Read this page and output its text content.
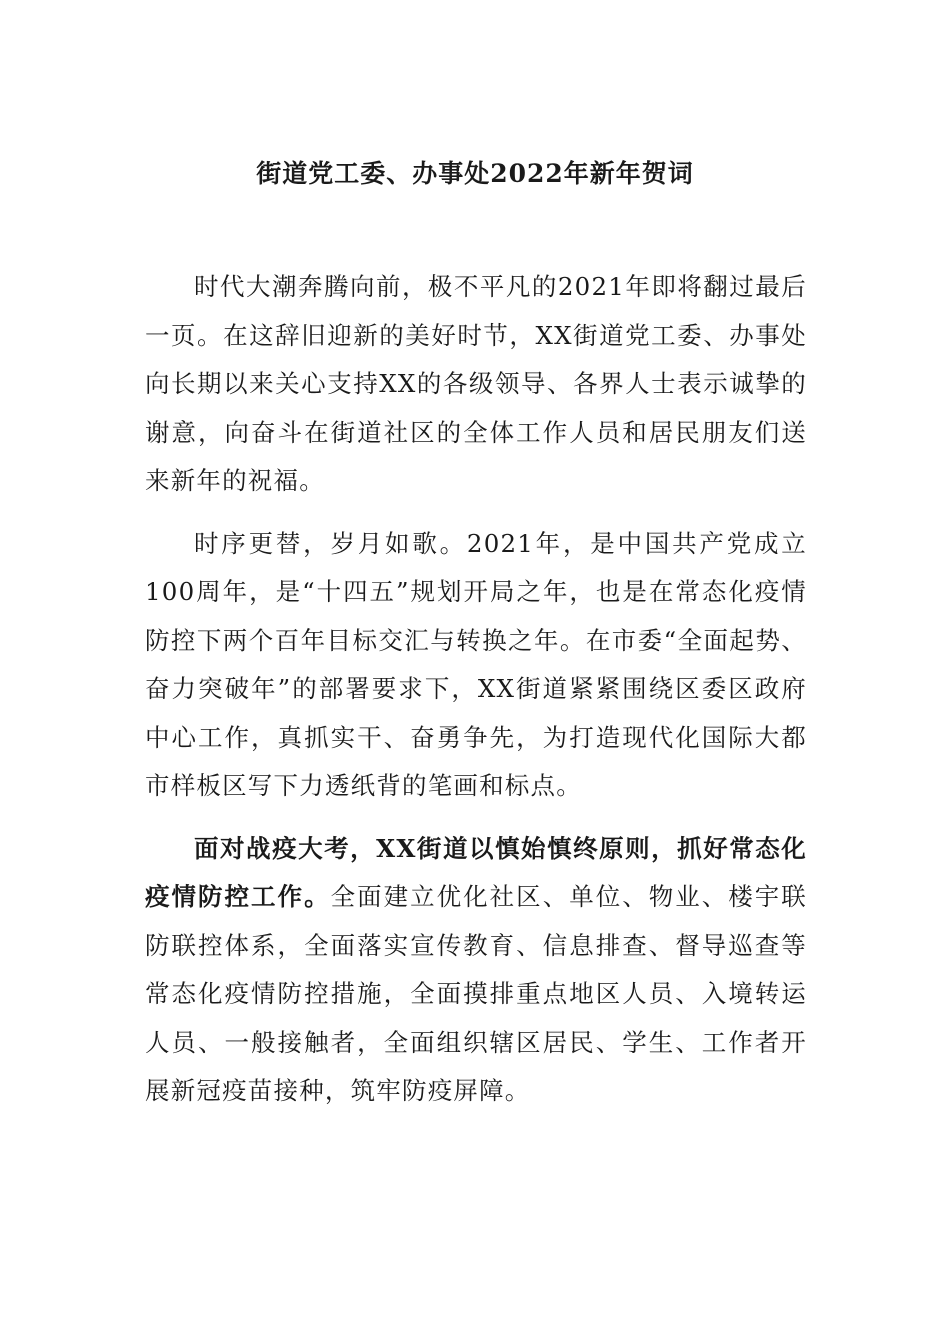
街道党工委、办事处2022年新年贺词

时代大潮奔腾向前，极不平凡的2021年即将翻过最后一页。在这辞旧迎新的美好时节，XX街道党工委、办事处向长期以来关心支持XX的各级领导、各界人士表示诚挚的谢意，向奋斗在街道社区的全体工作人员和居民朋友们送来新年的祝福。

时序更替，岁月如歌。2021年，是中国共产党成立100周年，是“十四五”规划开局之年，也是在常态化疫情防控下两个百年目标交汇与转换之年。在市委“全面起势、奋力突破年”的部署要求下，XX街道紧紧围绕区委区政府中心工作，真抓实干、奋勇争先，为打造现代化国际大都市样板区写下力透纸背的笔画和标点。

面对战疫大考，XX街道以慎始慎终原则，抓好常态化疫情防控工作。全面建立优化社区、单位、物业、楼宇联防联控体系，全面落实宣传教育、信息排查、督导巡查等常态化疫情防控措施，全面摸排重点地区人员、入境转运人员、一般接触者，全面组织辖区居民、学生、工作者开展新冠疫苗接种，筑牢防疫屏障。
